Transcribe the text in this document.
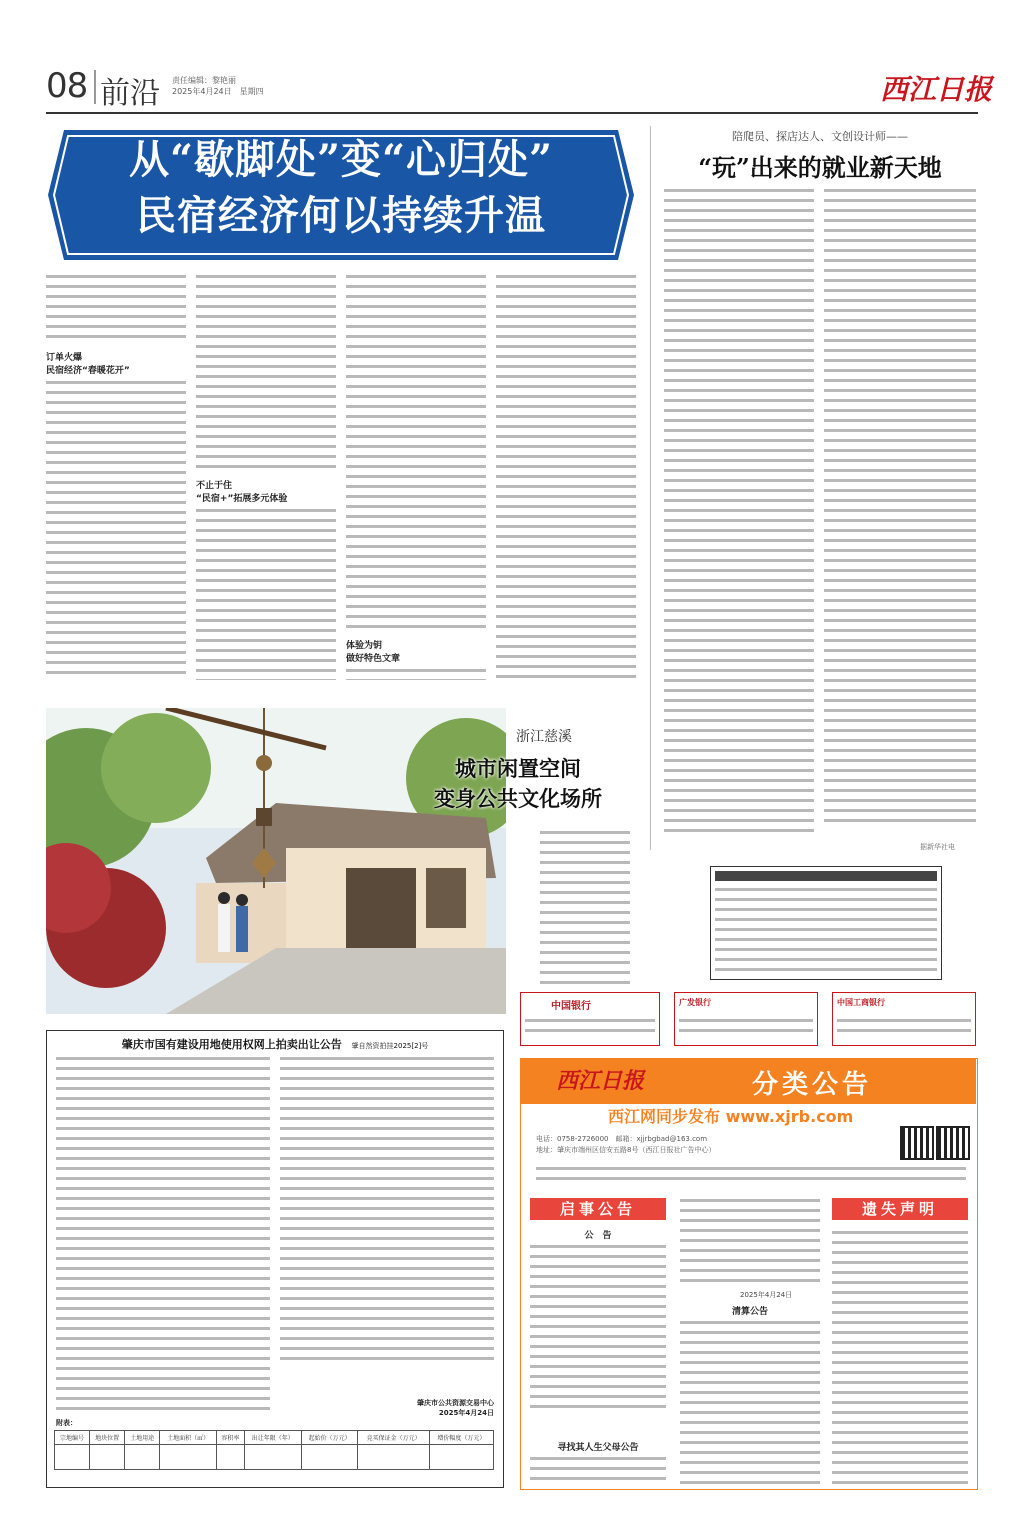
08 前沿 责任编辑：黎艳丽
2025年4月24日　星期四	西江日报
从“歇脚处”变“心归处”
民宿经济何以持续升温
订单火爆
民宿经济“春暖花开”
不止于住
“民宿+”拓展多元体验
体验为钥
做好特色文章
陪爬员、探店达人、文创设计师——
“玩”出来的就业新天地
据新华社电
浙江慈溪
城市闲置空间
变身公共文化场所
中国银行	广发银行	中国工商银行
肇庆市国有建设用地使用权网上拍卖出让公告 肇自然资拍挂2025[2]号
肇庆市公共资源交易中心
2025年4月24日
附表：
宗地编号	地块位置	土地用途	土地面积（㎡）	容积率	出让年限（年）	起始价（万元）	竞买保证金（万元）	增价幅度（万元）

西江日报	分类公告
西江网同步发布 www.xjrb.com
电话：0758-2726000　邮箱：xjjrbgbad@163.com
地址：肇庆市端州区信安五路8号（西江日报社广告中心）
启事公告
公　告
寻找其人生父母公告
2025年4月24日
清算公告
遗失声明
